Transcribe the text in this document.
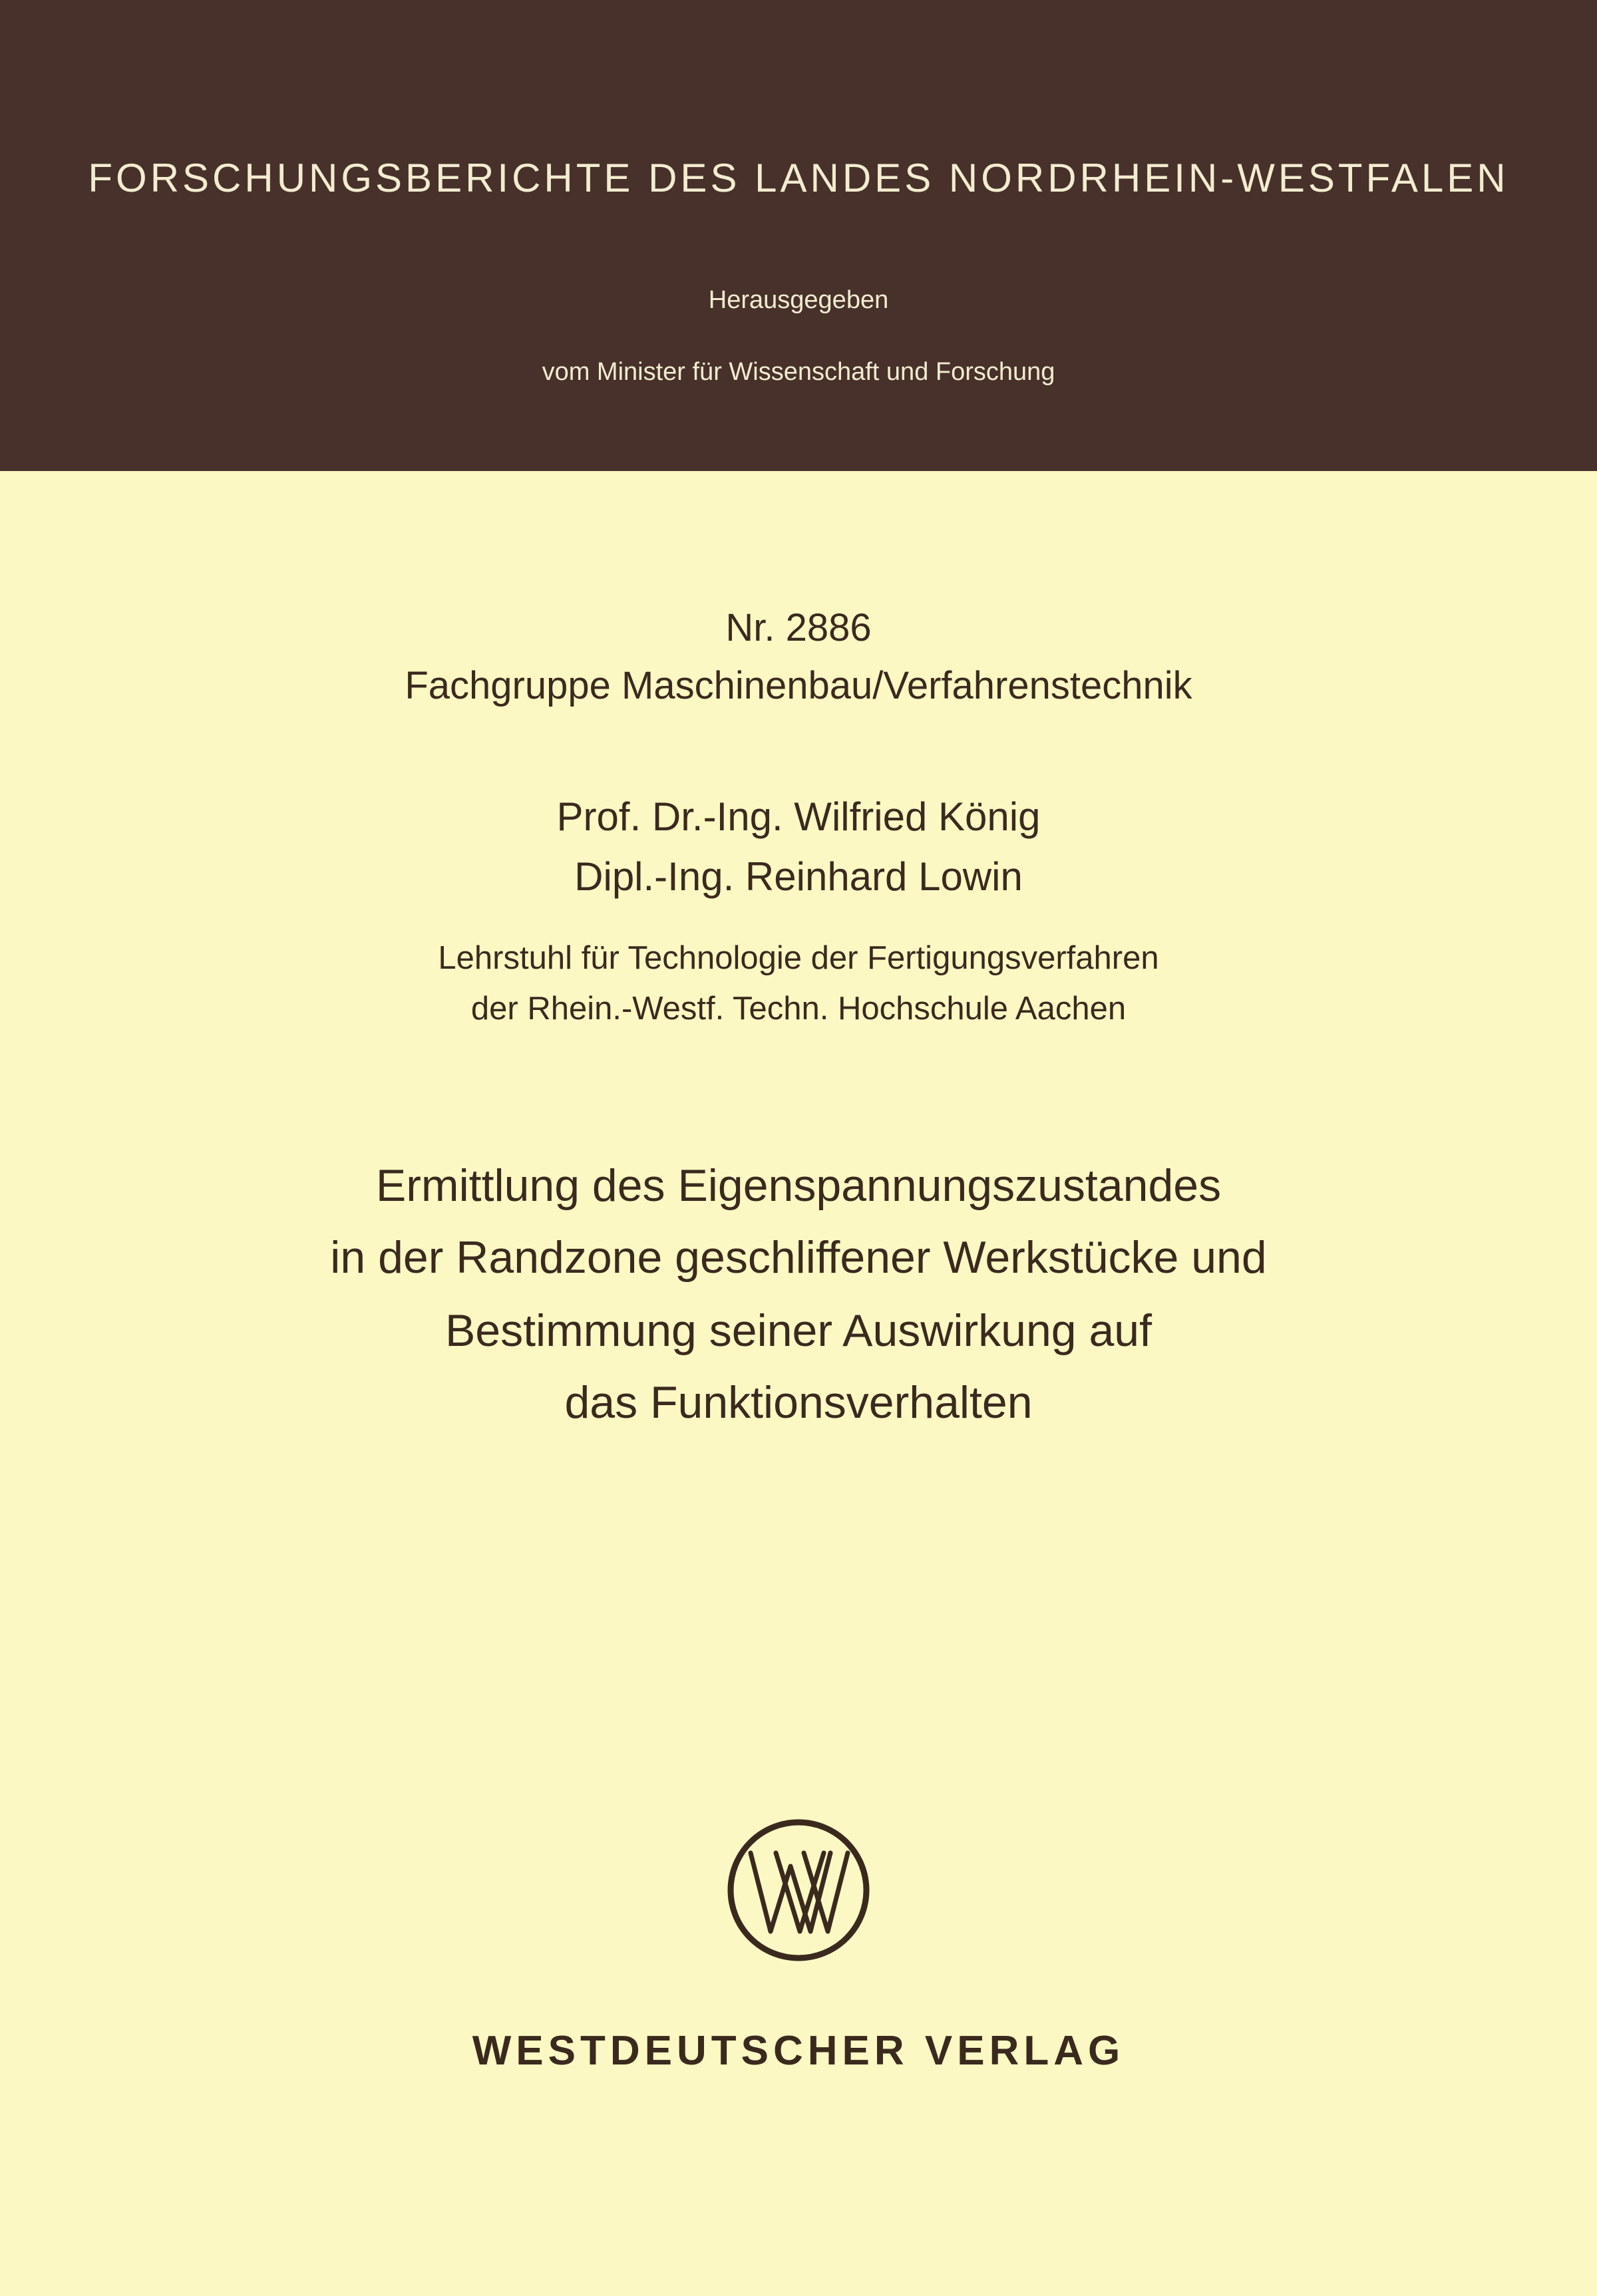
FORSCHUNGSBERICHTE DES LANDES NORDRHEIN-WESTFALEN
Herausgegeben
vom Minister für Wissenschaft und Forschung
Nr. 2886
Fachgruppe Maschinenbau/Verfahrenstechnik
Prof. Dr.-Ing. Wilfried König
Dipl.-Ing. Reinhard Lowin
Lehrstuhl für Technologie der Fertigungsverfahren
der Rhein.-Westf. Techn. Hochschule Aachen
Ermittlung des Eigenspannungszustandes
in der Randzone geschliffener Werkstücke und
Bestimmung seiner Auswirkung auf
das Funktionsverhalten
WESTDEUTSCHER VERLAG
